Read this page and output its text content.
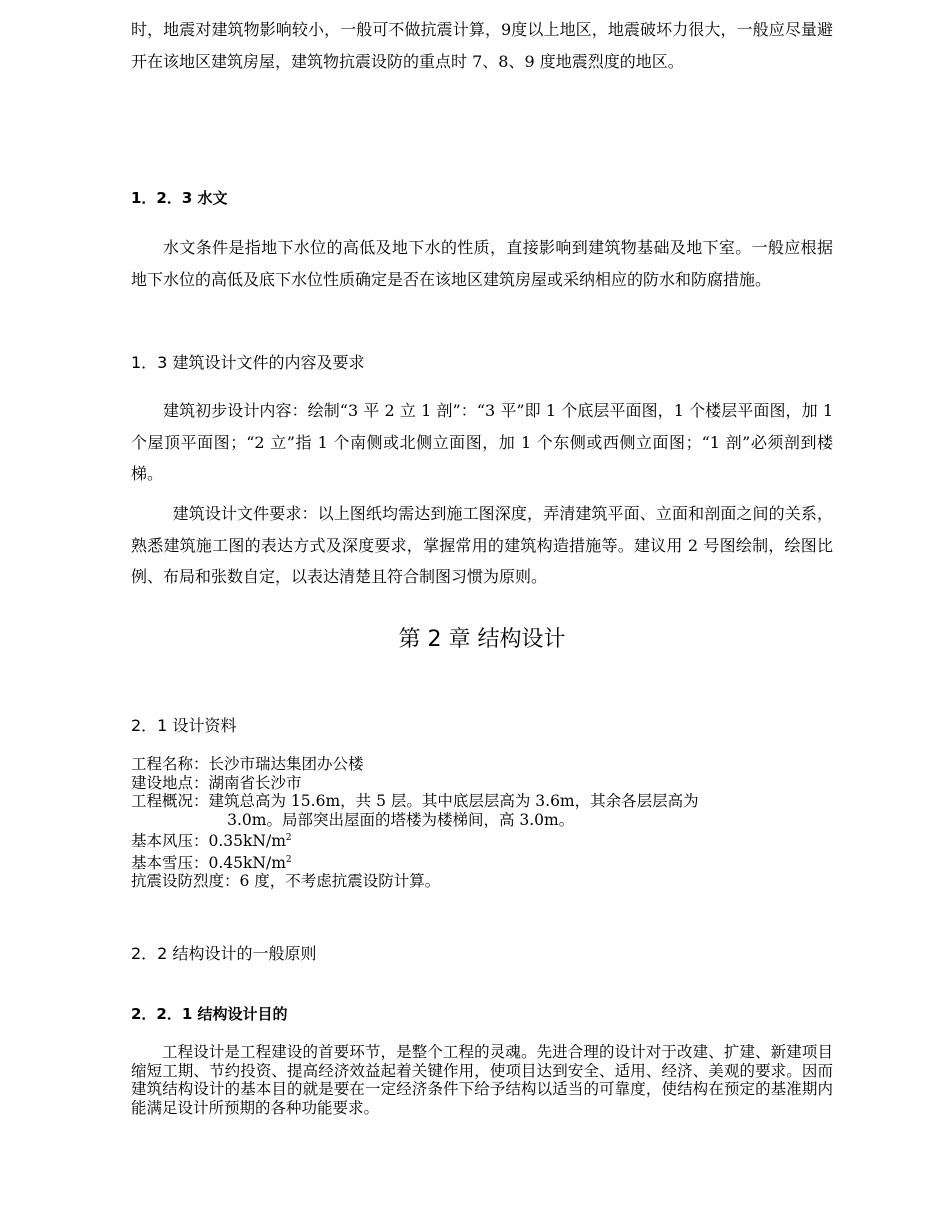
时，地震对建筑物影响较小，一般可不做抗震计算，9度以上地区，地震破坏力很大，一般应尽量避开在该地区建筑房屋，建筑物抗震设防的重点时 7、8、9 度地震烈度的地区。
1．2．3 水文
水文条件是指地下水位的高低及地下水的性质，直接影响到建筑物基础及地下室。一般应根据地下水位的高低及底下水位性质确定是否在该地区建筑房屋或采纳相应的防水和防腐措施。
1．3 建筑设计文件的内容及要求
建筑初步设计内容：绘制“3 平 2 立 1 剖”：“3 平”即 1 个底层平面图，1 个楼层平面图，加 1 个屋顶平面图；“2 立”指 1 个南侧或北侧立面图，加 1 个东侧或西侧立面图；“1 剖”必须剖到楼梯。
建筑设计文件要求：以上图纸均需达到施工图深度，弄清建筑平面、立面和剖面之间的关系，熟悉建筑施工图的表达方式及深度要求，掌握常用的建筑构造措施等。建议用 2 号图绘制，绘图比例、布局和张数自定，以表达清楚且符合制图习惯为原则。
第 2 章 结构设计
2．1 设计资料
工程名称：长沙市瑞达集团办公楼
建设地点：湖南省长沙市
工程概况：建筑总高为 15.6m，共 5 层。其中底层层高为 3.6m，其余各层层高为
3.0m。局部突出屋面的塔楼为楼梯间，高 3.0m。
基本风压：$0.35kN/m^2$
基本雪压：$0.45kN/m^2$
抗震设防烈度：6 度，不考虑抗震设防计算。
2．2 结构设计的一般原则
2．2．1 结构设计目的
工程设计是工程建设的首要环节，是整个工程的灵魂。先进合理的设计对于改建、扩建、新建项目缩短工期、节约投资、提高经济效益起着关键作用，使项目达到安全、适用、经济、美观的要求。因而建筑结构设计的基本目的就是要在一定经济条件下给予结构以适当的可靠度，使结构在预定的基准期内能满足设计所预期的各种功能要求。
